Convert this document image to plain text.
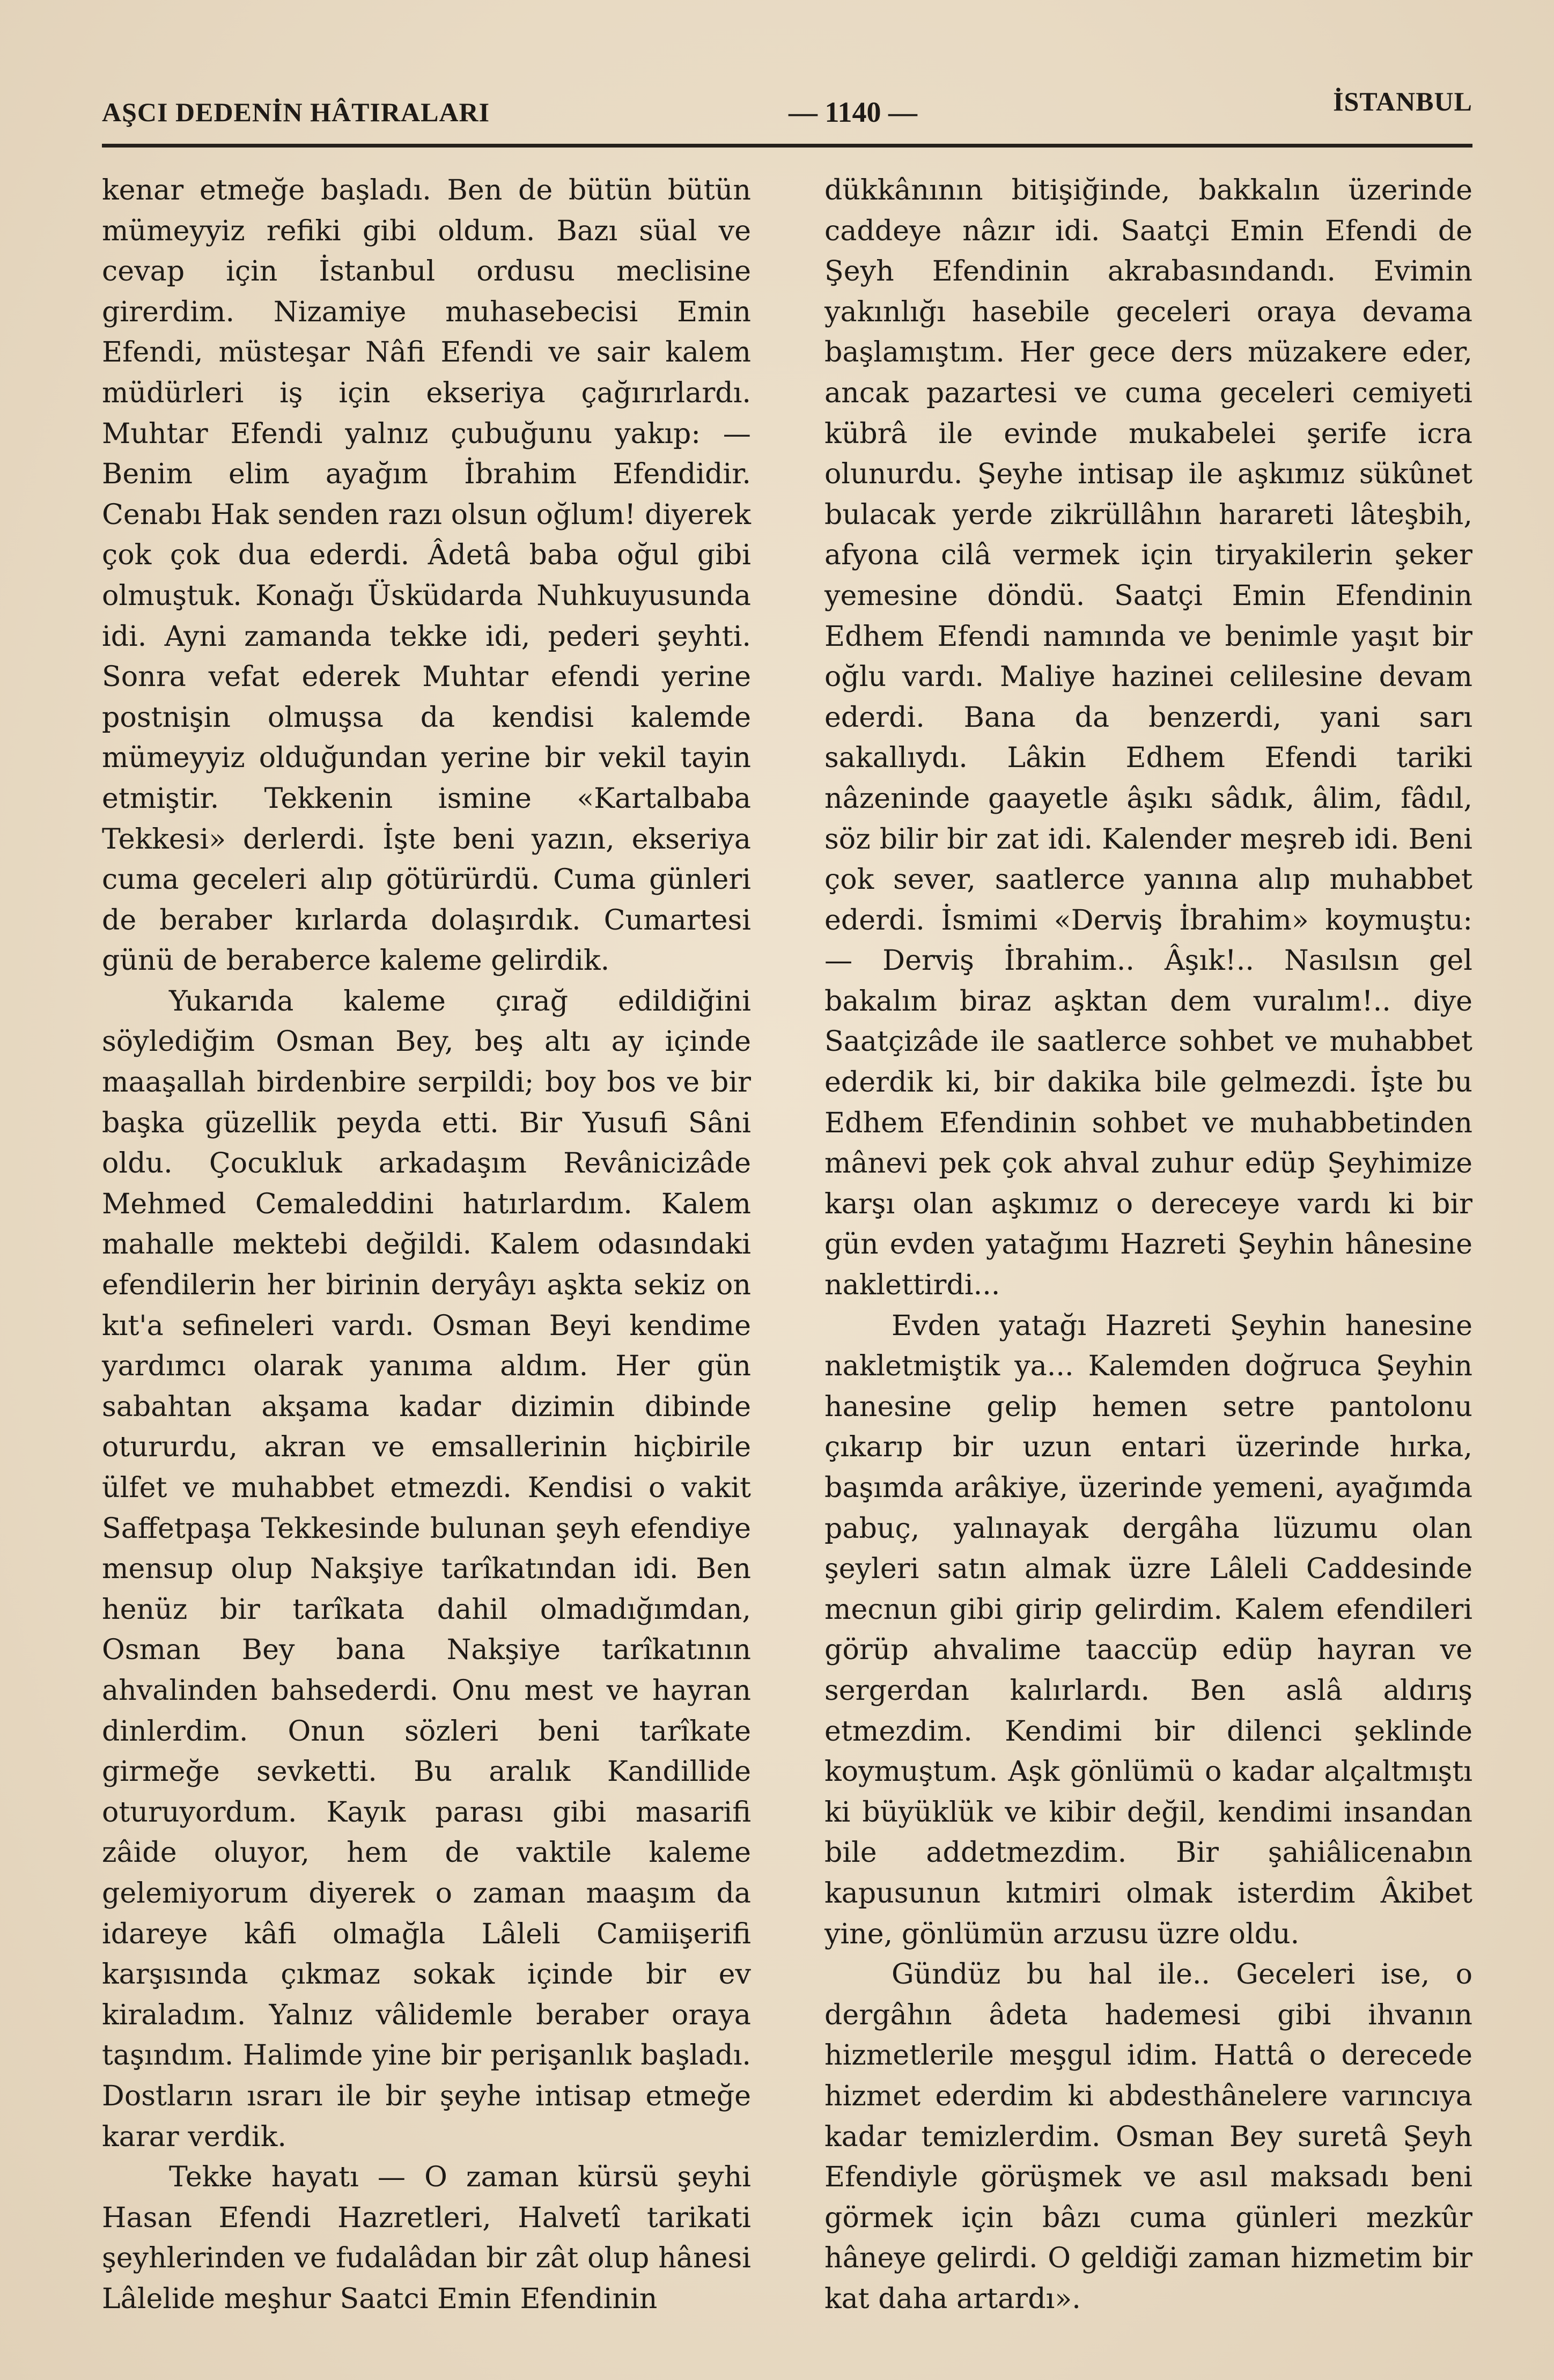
AŞCI DEDENİN HÂTIRALARI	— 1140 —	İSTANBUL

kenar etmeğe başladı. Ben de bütün bütün mümeyyiz refiki gibi oldum. Bazı süal ve cevap için İstanbul ordusu meclisine girerdim. Nizamiye muhasebecisi Emin Efendi, müsteşar Nâfi Efendi ve sair kalem müdürleri iş için ekseriya çağırırlardı. Muhtar Efendi yalnız çubuğunu yakıp: — Benim elim ayağım İbrahim Efendidir. Cenabı Hak senden razı olsun oğlum! diyerek çok çok dua ederdi. Âdetâ baba oğul gibi olmuştuk. Konağı Üsküdarda Nuhkuyusunda idi. Ayni zamanda tekke idi, pederi şeyhti. Sonra vefat ederek Muhtar efendi yerine postnişin olmuşsa da kendisi kalemde mümeyyiz olduğundan yerine bir vekil tayin etmiştir. Tekkenin ismine «Kartalbaba Tekkesi» derlerdi. İşte beni yazın, ekseriya cuma geceleri alıp götürürdü. Cuma günleri de beraber kırlarda dolaşırdık. Cumartesi günü de beraberce kaleme gelirdik.

Yukarıda kaleme çırağ edildiğini söylediğim Osman Bey, beş altı ay içinde maaşallah birdenbire serpildi; boy bos ve bir başka güzellik peyda etti. Bir Yusufi Sâni oldu. Çocukluk arkadaşım Revânicizâde Mehmed Cemaleddini hatırlardım. Kalem mahalle mektebi değildi. Kalem odasındaki efendilerin her birinin deryâyı aşkta sekiz on kıt'a sefineleri vardı. Osman Beyi kendime yardımcı olarak yanıma aldım. Her gün sabahtan akşama kadar dizimin dibinde otururdu, akran ve emsallerinin hiçbirile ülfet ve muhabbet etmezdi. Kendisi o vakit Saffetpaşa Tekkesinde bulunan şeyh efendiye mensup olup Nakşiye tarîkatından idi. Ben henüz bir tarîkata dahil olmadığımdan, Osman Bey bana Nakşiye tarîkatının ahvalinden bahsederdi. Onu mest ve hayran dinlerdim. Onun sözleri beni tarîkate girmeğe sevketti. Bu aralık Kandillide oturuyordum. Kayık parası gibi masarifi zâide oluyor, hem de vaktile kaleme gelemiyorum diyerek o zaman maaşım da idareye kâfi olmağla Lâleli Camiişerifi karşısında çıkmaz sokak içinde bir ev kiraladım. Yalnız vâlidemle beraber oraya taşındım. Halimde yine bir perişanlık başladı. Dostların ısrarı ile bir şeyhe intisap etmeğe karar verdik.

Tekke hayatı — O zaman kürsü şeyhi Hasan Efendi Hazretleri, Halvetî tarikati şeyhlerinden ve fudalâdan bir zât olup hânesi Lâlelide meşhur Saatci Emin Efendinin

dükkânının bitişiğinde, bakkalın üzerinde caddeye nâzır idi. Saatçi Emin Efendi de Şeyh Efendinin akrabasındandı. Evimin yakınlığı hasebile geceleri oraya devama başlamıştım. Her gece ders müzakere eder, ancak pazartesi ve cuma geceleri cemiyeti kübrâ ile evinde mukabelei şerife icra olunurdu. Şeyhe intisap ile aşkımız sükûnet bulacak yerde zikrüllâhın harareti lâteşbih, afyona cilâ vermek için tiryakilerin şeker yemesine döndü. Saatçi Emin Efendinin Edhem Efendi namında ve benimle yaşıt bir oğlu vardı. Maliye hazinei celilesine devam ederdi. Bana da benzerdi, yani sarı sakallıydı. Lâkin Edhem Efendi tariki nâzeninde gaayetle âşıkı sâdık, âlim, fâdıl, söz bilir bir zat idi. Kalender meşreb idi. Beni çok sever, saatlerce yanına alıp muhabbet ederdi. İsmimi «Derviş İbrahim» koymuştu: — Derviş İbrahim.. Âşık!.. Nasılsın gel bakalım biraz aşktan dem vuralım!.. diye Saatçizâde ile saatlerce sohbet ve muhabbet ederdik ki, bir dakika bile gelmezdi. İşte bu Edhem Efendinin sohbet ve muhabbetinden mânevi pek çok ahval zuhur edüp Şeyhimize karşı olan aşkımız o dereceye vardı ki bir gün evden yatağımı Hazreti Şeyhin hânesine naklettirdi...

Evden yatağı Hazreti Şeyhin hanesine nakletmiştik ya... Kalemden doğruca Şeyhin hanesine gelip hemen setre pantolonu çıkarıp bir uzun entari üzerinde hırka, başımda arâkiye, üzerinde yemeni, ayağımda pabuç, yalınayak dergâha lüzumu olan şeyleri satın almak üzre Lâleli Caddesinde mecnun gibi girip gelirdim. Kalem efendileri görüp ahvalime taaccüp edüp hayran ve sergerdan kalırlardı. Ben aslâ aldırış etmezdim. Kendimi bir dilenci şeklinde koymuştum. Aşk gönlümü o kadar alçaltmıştı ki büyüklük ve kibir değil, kendimi insandan bile addetmezdim. Bir şahiâlicenabın kapusunun kıtmiri olmak isterdim Âkibet yine, gönlümün arzusu üzre oldu.

Gündüz bu hal ile.. Geceleri ise, o dergâhın âdeta hademesi gibi ihvanın hizmetlerile meşgul idim. Hattâ o derecede hizmet ederdim ki abdesthânelere varıncıya kadar temizlerdim. Osman Bey suretâ Şeyh Efendiyle görüşmek ve asıl maksadı beni görmek için bâzı cuma günleri mezkûr hâneye gelirdi. O geldiği zaman hizmetim bir kat daha artardı».
